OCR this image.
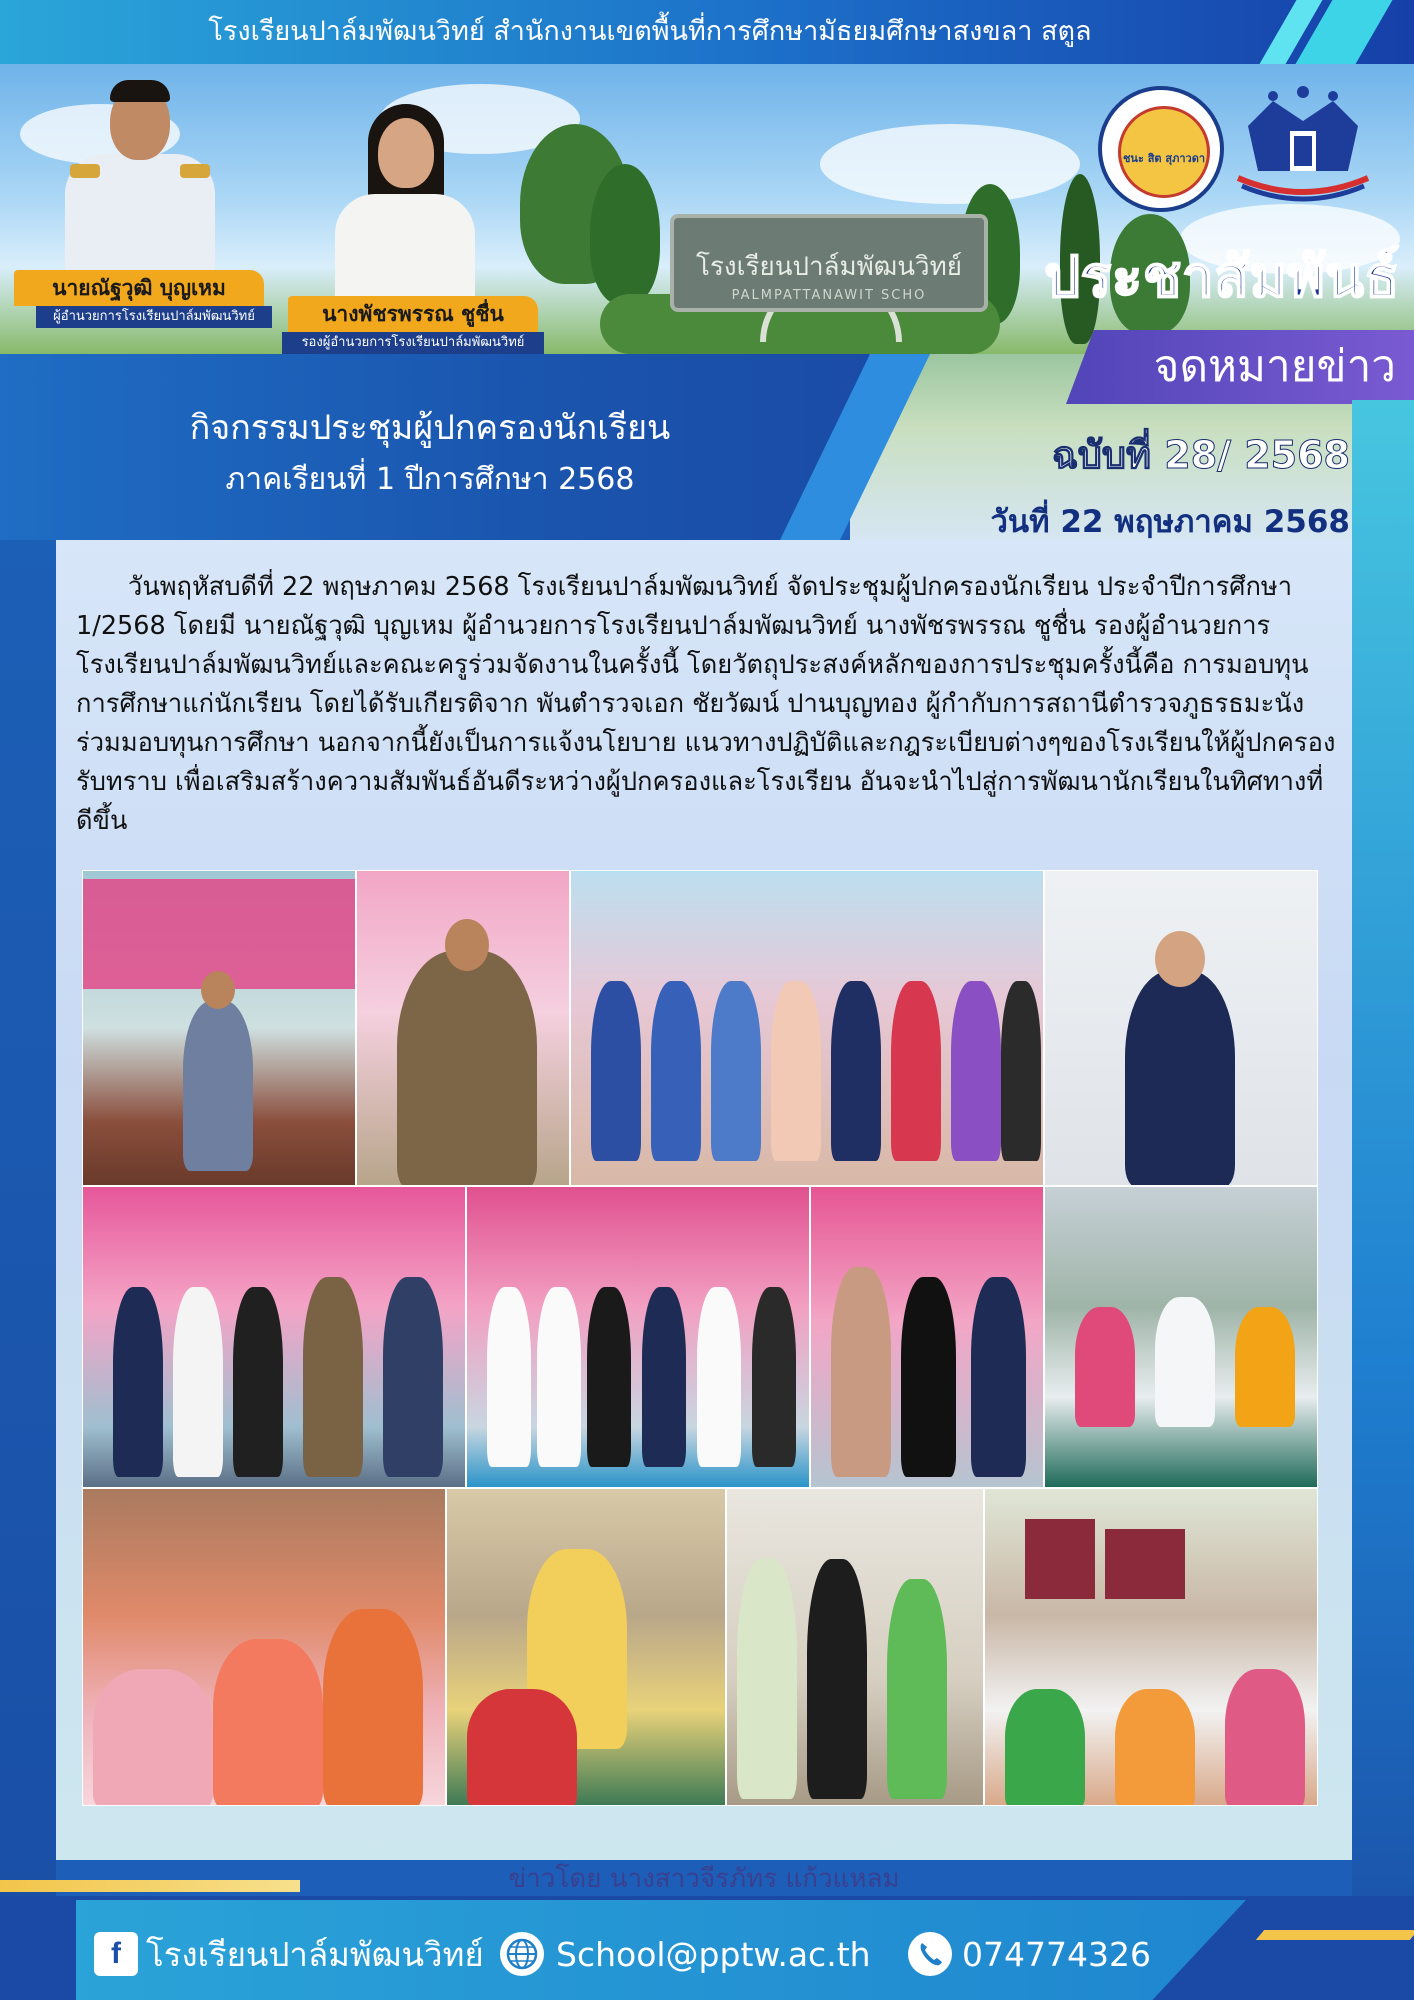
โรงเรียนปาล์มพัฒนวิทย์ สำนักงานเขตพื้นที่การศึกษามัธยมศึกษาสงขลา สตูล
โรงเรียนปาล์มพัฒนวิทย์
PALMPATTANAWIT SCHO
นายณัฐวุฒิ บุญเหม
ผู้อำนวยการโรงเรียนปาล์มพัฒนวิทย์	นางพัชรพรรณ ชูชื่น
รองผู้อำนวยการโรงเรียนปาล์มพัฒนวิทย์
ชนะ สิต สุภาวดา
ประชาสัมพันธ์
จดหมายข่าว
กิจกรรมประชุมผู้ปกครองนักเรียน
ภาคเรียนที่ 1 ปีการศึกษา 2568
ฉบับที่ 28/ 2568
วันที่ 22 พฤษภาคม 2568

วันพฤหัสบดีที่ 22 พฤษภาคม 2568 โรงเรียนปาล์มพัฒนวิทย์ จัดประชุมผู้ปกครองนักเรียน ประจำปีการศึกษา 1/2568 โดยมี นายณัฐวุฒิ บุญเหม ผู้อำนวยการโรงเรียนปาล์มพัฒนวิทย์ นางพัชรพรรณ ชูชื่น รองผู้อำนวยการโรงเรียนปาล์มพัฒนวิทย์และคณะครูร่วมจัดงานในครั้งนี้ โดยวัตถุประสงค์หลักของการประชุมครั้งนี้คือ การมอบทุนการศึกษาแก่นักเรียน โดยได้รับเกียรติจาก พันตำรวจเอก ชัยวัฒน์ ปานบุญทอง ผู้กำกับการสถานีตำรวจภูธรธมะนัง ร่วมมอบทุนการศึกษา นอกจากนี้ยังเป็นการแจ้งนโยบาย แนวทางปฏิบัติและกฎระเบียบต่างๆของโรงเรียนให้ผู้ปกครองรับทราบ เพื่อเสริมสร้างความสัมพันธ์อันดีระหว่างผู้ปกครองและโรงเรียน อันจะนำไปสู่การพัฒนานักเรียนในทิศทางที่ดีขึ้น

ข่าวโดย นางสาวจีรภัทร แก้วแหลม
f โรงเรียนปาล์มพัฒนวิทย์ School@pptw.ac.th	074774326
